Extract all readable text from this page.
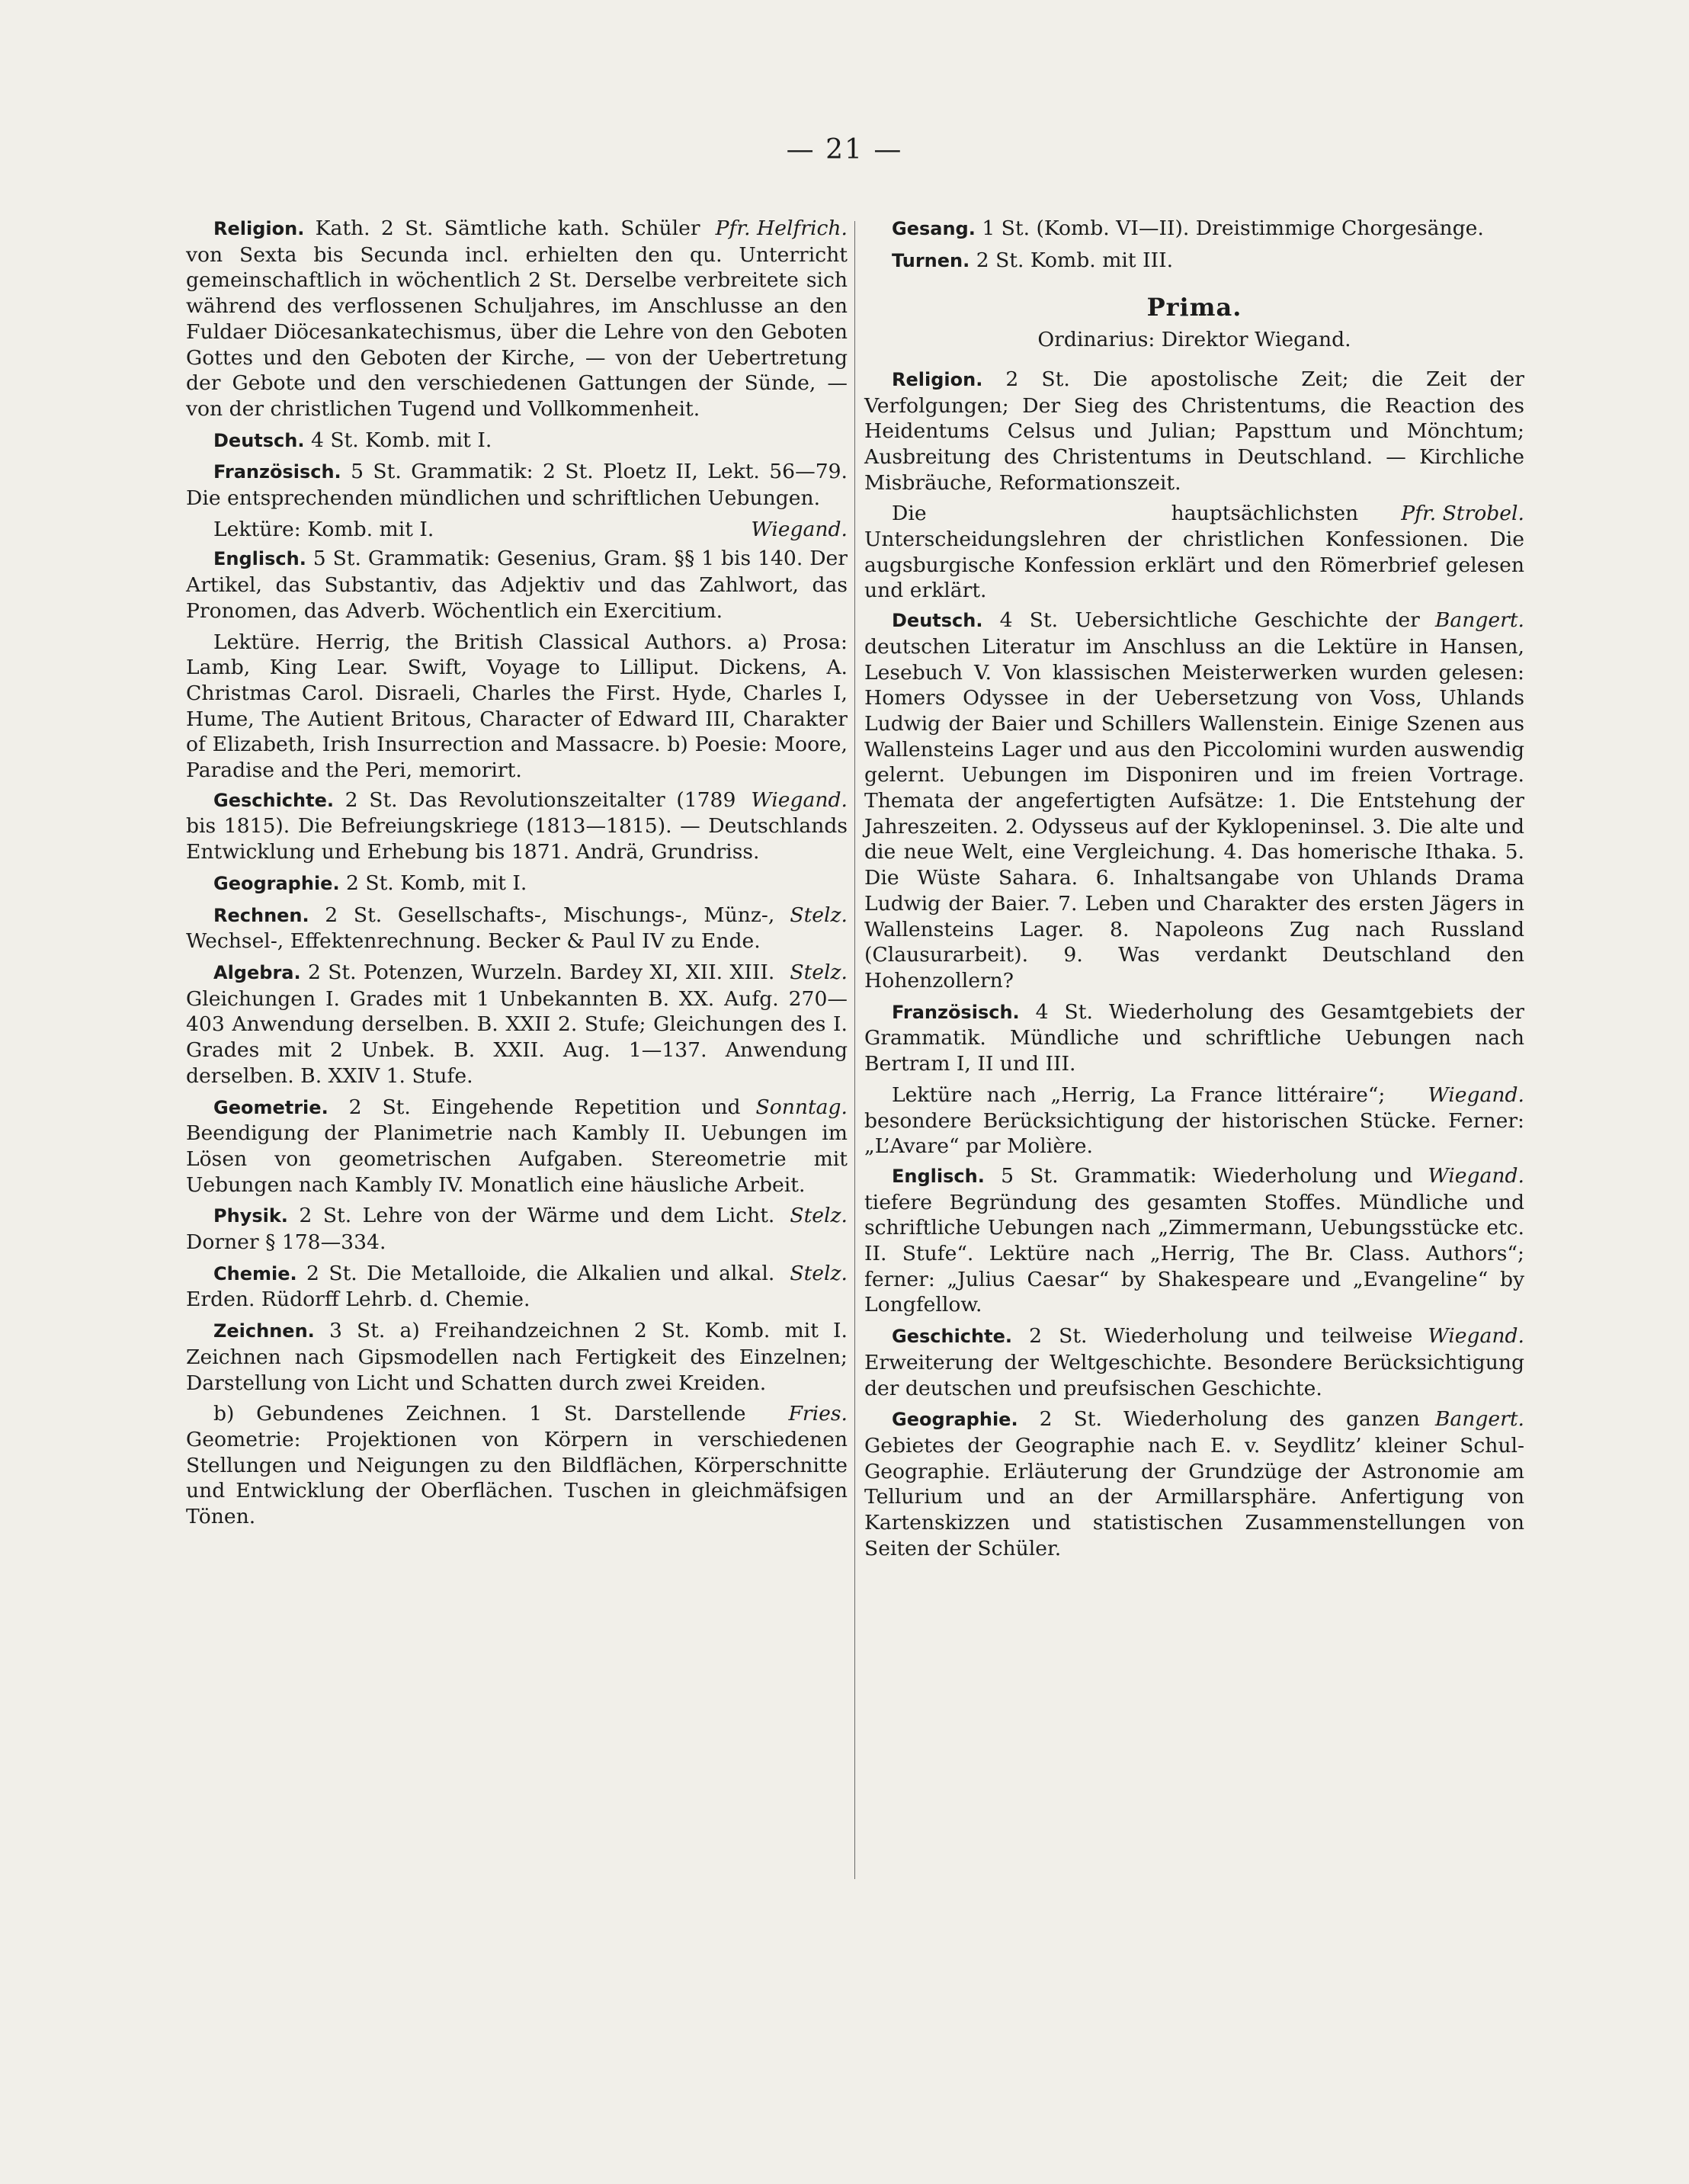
— 21 —
Pfr. Helfrich.
Religion. Kath. 2 St. Sämtliche kath. Schüler von Sexta bis Secunda incl. erhielten den qu. Unterricht gemeinschaftlich in wöchentlich 2 St. Derselbe verbreitete sich während des verflossenen Schuljahres, im Anschlusse an den Fuldaer Diöcesankatechismus, über die Lehre von den Geboten Gottes und den Geboten der Kirche, — von der Uebertretung der Gebote und den verschiedenen Gattungen der Sünde, — von der christlichen Tugend und Vollkommenheit.
Deutsch. 4 St. Komb. mit I.
Französisch. 5 St. Grammatik: 2 St. Ploetz II, Lekt. 56—79. Die entsprechenden mündlichen und schriftlichen Uebungen.
Wiegand.
Lektüre: Komb. mit I.
Englisch. 5 St. Grammatik: Gesenius, Gram. §§ 1 bis 140. Der Artikel, das Substantiv, das Adjektiv und das Zahlwort, das Pronomen, das Adverb. Wöchentlich ein Exercitium.
Lektüre. Herrig, the British Classical Authors. a) Prosa: Lamb, King Lear. Swift, Voyage to Lilliput. Dickens, A. Christmas Carol. Disraeli, Charles the First. Hyde, Charles I, Hume, The Autient Britous, Character of Edward III, Charakter of Elizabeth, Irish Insurrection and Massacre. b) Poesie: Moore, Paradise and the Peri, memorirt.
Wiegand.
Geschichte. 2 St. Das Revolutionszeitalter (1789 bis 1815). Die Befreiungskriege (1813—1815). — Deutschlands Entwicklung und Erhebung bis 1871. Andrä, Grundriss.
Geographie. 2 St. Komb, mit I.
Stelz.
Rechnen. 2 St. Gesellschafts-, Mischungs-, Münz-, Wechsel-, Effektenrechnung. Becker & Paul IV zu Ende.
Stelz.
Algebra. 2 St. Potenzen, Wurzeln. Bardey XI, XII. XIII. Gleichungen I. Grades mit 1 Unbekannten B. XX. Aufg. 270—403 Anwendung derselben. B. XXII 2. Stufe; Gleichungen des I. Grades mit 2 Unbek. B. XXII. Aug. 1—137. Anwendung derselben. B. XXIV 1. Stufe.
Sonntag.
Geometrie. 2 St. Eingehende Repetition und Beendigung der Planimetrie nach Kambly II. Uebungen im Lösen von geometrischen Aufgaben. Stereometrie mit Uebungen nach Kambly IV. Monatlich eine häusliche Arbeit.
Stelz.
Physik. 2 St. Lehre von der Wärme und dem Licht. Dorner § 178—334.
Stelz.
Chemie. 2 St. Die Metalloide, die Alkalien und alkal. Erden. Rüdorff Lehrb. d. Chemie.
Zeichnen. 3 St. a) Freihandzeichnen 2 St. Komb. mit I. Zeichnen nach Gipsmodellen nach Fertigkeit des Einzelnen; Darstellung von Licht und Schatten durch zwei Kreiden.
Fries.
b) Gebundenes Zeichnen. 1 St. Darstellende Geometrie: Projektionen von Körpern in verschiedenen Stellungen und Neigungen zu den Bildflächen, Körperschnitte und Entwicklung der Oberflächen. Tuschen in gleichmäfsigen Tönen.
Gesang. 1 St. (Komb. VI—II). Dreistimmige Chorgesänge.
Turnen. 2 St. Komb. mit III.
Prima.
Ordinarius: Direktor Wiegand.
Religion. 2 St. Die apostolische Zeit; die Zeit der Verfolgungen; Der Sieg des Christentums, die Reaction des Heidentums Celsus und Julian; Papsttum und Mönchtum; Ausbreitung des Christentums in Deutschland. — Kirchliche Misbräuche, Reformationszeit.
Pfr. Strobel.
Die hauptsächlichsten Unterscheidungslehren der christlichen Konfessionen. Die augsburgische Konfession erklärt und den Römerbrief gelesen und erklärt.
Bangert.
Deutsch. 4 St. Uebersichtliche Geschichte der deutschen Literatur im Anschluss an die Lektüre in Hansen, Lesebuch V. Von klassischen Meisterwerken wurden gelesen: Homers Odyssee in der Uebersetzung von Voss, Uhlands Ludwig der Baier und Schillers Wallenstein. Einige Szenen aus Wallensteins Lager und aus den Piccolomini wurden auswendig gelernt. Uebungen im Disponiren und im freien Vortrage. Themata der angefertigten Aufsätze: 1. Die Entstehung der Jahreszeiten. 2. Odysseus auf der Kyklopeninsel. 3. Die alte und die neue Welt, eine Vergleichung. 4. Das homerische Ithaka. 5. Die Wüste Sahara. 6. Inhaltsangabe von Uhlands Drama Ludwig der Baier. 7. Leben und Charakter des ersten Jägers in Wallensteins Lager. 8. Napoleons Zug nach Russland (Clausurarbeit). 9. Was verdankt Deutschland den Hohenzollern?
Französisch. 4 St. Wiederholung des Gesamtgebiets der Grammatik. Mündliche und schriftliche Uebungen nach Bertram I, II und III.
Wiegand.
Lektüre nach „Herrig, La France littéraire“; besondere Berücksichtigung der historischen Stücke. Ferner: „L’Avare“ par Molière.
Wiegand.
Englisch. 5 St. Grammatik: Wiederholung und tiefere Begründung des gesamten Stoffes. Mündliche und schriftliche Uebungen nach „Zimmermann, Uebungsstücke etc. II. Stufe“. Lektüre nach „Herrig, The Br. Class. Authors“; ferner: „Julius Caesar“ by Shakespeare und „Evangeline“ by Longfellow.
Wiegand.
Geschichte. 2 St. Wiederholung und teilweise Erweiterung der Weltgeschichte. Besondere Berücksichtigung der deutschen und preufsischen Geschichte.
Bangert.
Geographie. 2 St. Wiederholung des ganzen Gebietes der Geographie nach E. v. Seydlitz’ kleiner Schul-Geographie. Erläuterung der Grundzüge der Astronomie am Tellurium und an der Armillarsphäre. Anfertigung von Kartenskizzen und statistischen Zusammenstellungen von Seiten der Schüler.
